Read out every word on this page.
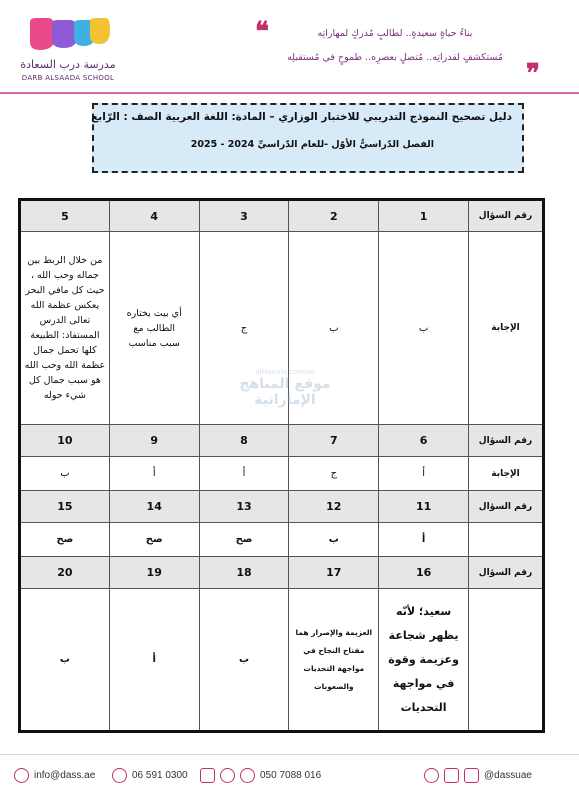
مدرسة درب السعادة
DARB ALSAADA SCHOOL
❝	بناءُ حياةٍ سعيدةٍ.. لطالبٍ مُدركٍ لمهاراتِه
مُستكشفٍ لقدراتِه.. مُتصلٍ بعصرِه.. طموحٍ في مُستقبلِه
❞
دليل تصحيح النموذج التدريبي للاختبار الوزاري – المادة: اللغة العربية الصف : الرّابع
الفصل الدّراسيُّ الأوّل -للعام الدّراسيِّ 2024 - 2025
رقم السؤال	1	2	3	4	5
الإجابة	ب	ب	ج	أي بيت يختاره الطالب مع سبب مناسب	من خلال الربط بين جماله وحب الله ، حيث كل مافي البحر يعكس عظمة الله تعالى الدرس المستفاد: الطبيعة كلها تحمل جمال عظمة الله وحب الله هو سبب جمال كل شيء حوله
رقم السؤال	6	7	8	9	10
الإجابة	أ	ج	أ	أ	ب
رقم السؤال	11	12	13	14	15
	أ	ب	صح	صح	صح
رقم السؤال	16	17	18	19	20
	سعيد؛ لأنّه يظهر شجاعة وعزيمة وقوة في مواجهة التحديات	العزيمة والإصرار هما مفتاح النجاح في مواجهة التحديات والصعوبات	ب	أ	ب
alManahj.com/ae
موقع المناهج الإماراتية
info@dass.ae	06 591 0300	050 7088 016	@dassuae
